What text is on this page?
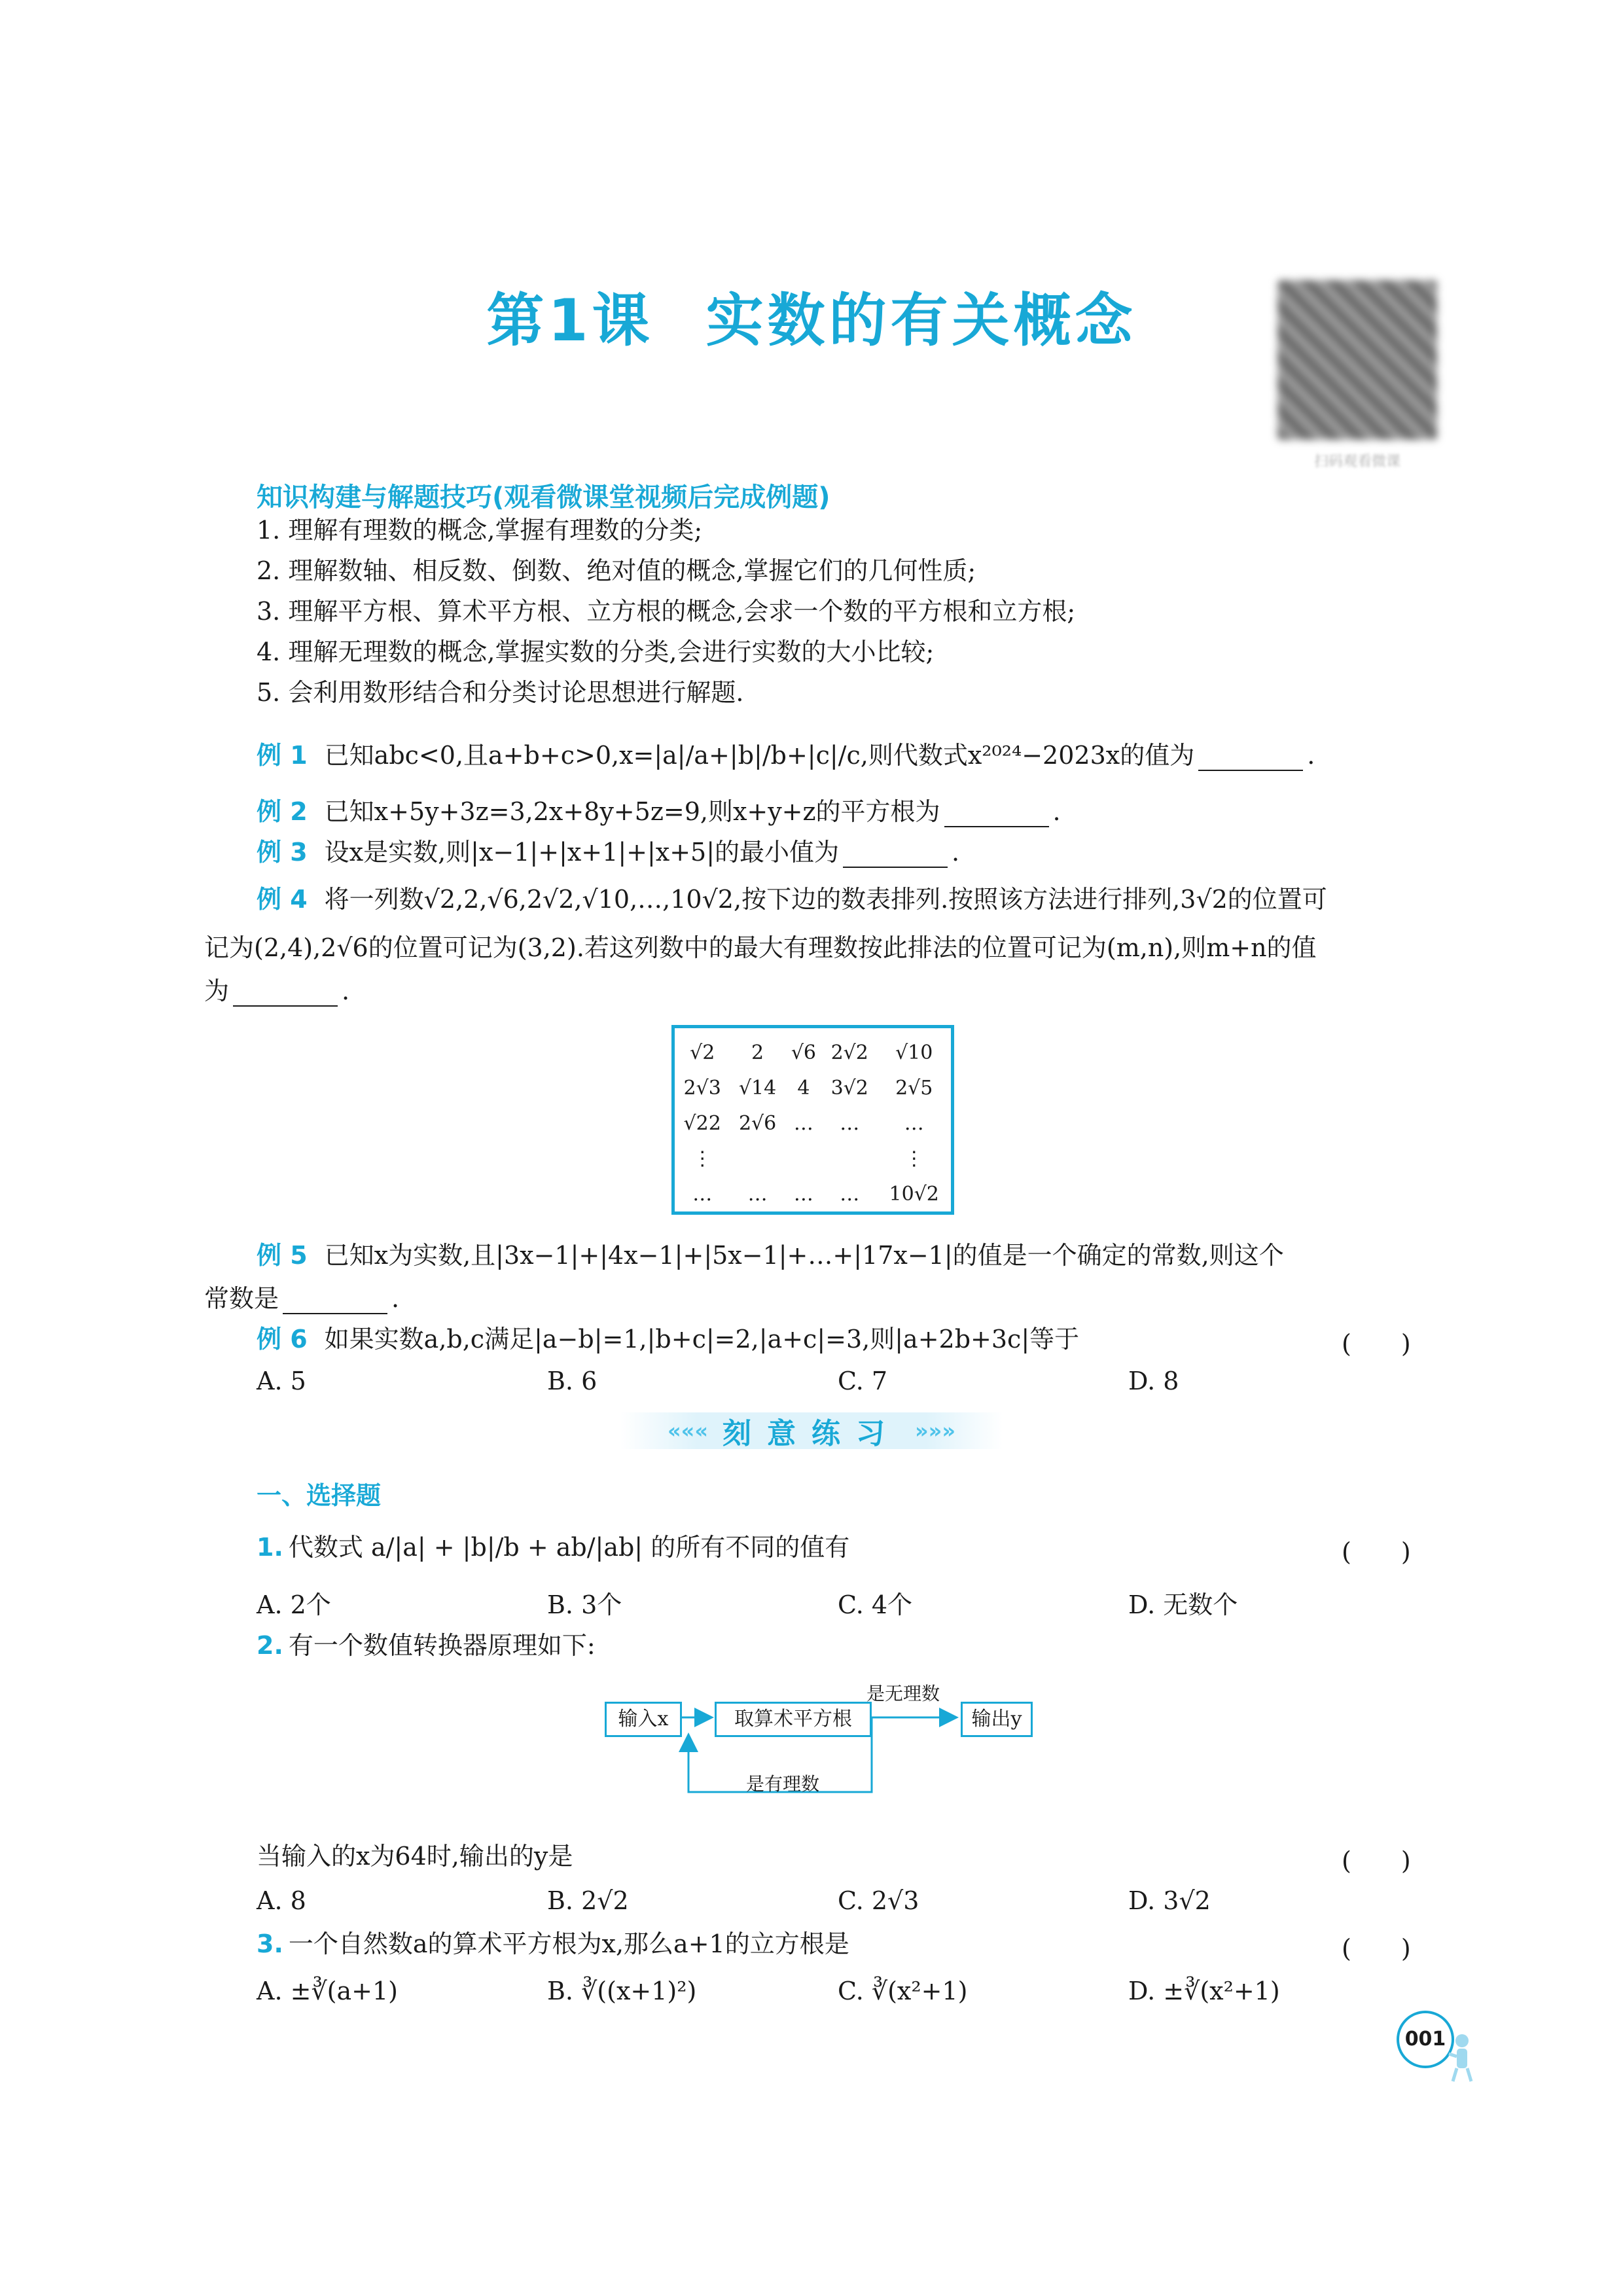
第1课 实数的有关概念
扫码观看微课
知识构建与解题技巧(观看微课堂视频后完成例题)
1. 理解有理数的概念,掌握有理数的分类;
2. 理解数轴、相反数、倒数、绝对值的概念,掌握它们的几何性质;
3. 理解平方根、算术平方根、立方根的概念,会求一个数的平方根和立方根;
4. 理解无理数的概念,掌握实数的分类,会进行实数的大小比较;
5. 会利用数形结合和分类讨论思想进行解题.
例 1 已知abc<0,且a+b+c>0,x=|a|/a+|b|/b+|c|/c,则代数式x²⁰²⁴−2023x的值为	.
例 2 已知x+5y+3z=3,2x+8y+5z=9,则x+y+z的平方根为	.
例 3 设x是实数,则|x−1|+|x+1|+|x+5|的最小值为	.
例 4 将一列数√2,2,√6,2√2,√10,…,10√2,按下边的数表排列.按照该方法进行排列,3√2的位置可
记为(2,4),2√6的位置可记为(3,2).若这列数中的最大有理数按此排法的位置可记为(m,n),则m+n的值
为	.
√2	2	√6	2√2	√10
2√3	√14	4	3√2	2√5
√22	2√6	…	…	…
⋮				⋮
…	…	…	…	10√2
例 5 已知x为实数,且|3x−1|+|4x−1|+|5x−1|+…+|17x−1|的值是一个确定的常数,则这个
常数是	.
例 6 如果实数a,b,c满足|a−b|=1,|b+c|=2,|a+c|=3,则|a+2b+3c|等于	(　　)
A. 5	B. 6	C. 7	D. 8
««« 刻意练习 »»»
一、选择题
1. 代数式 a/|a| + |b|/b + ab/|ab| 的所有不同的值有	(　　)
A. 2个	B. 3个	C. 4个	D. 无数个
2. 有一个数值转换器原理如下:
输入x	取算术平方根	输出y
是无理数
是有理数
当输入的x为64时,输出的y是	(　　)
A. 8	B. 2√2	C. 2√3	D. 3√2
3. 一个自然数a的算术平方根为x,那么a+1的立方根是	(　　)
A. ±∛(a+1)	B. ∛((x+1)²)	C. ∛(x²+1)	D. ±∛(x²+1)
001
